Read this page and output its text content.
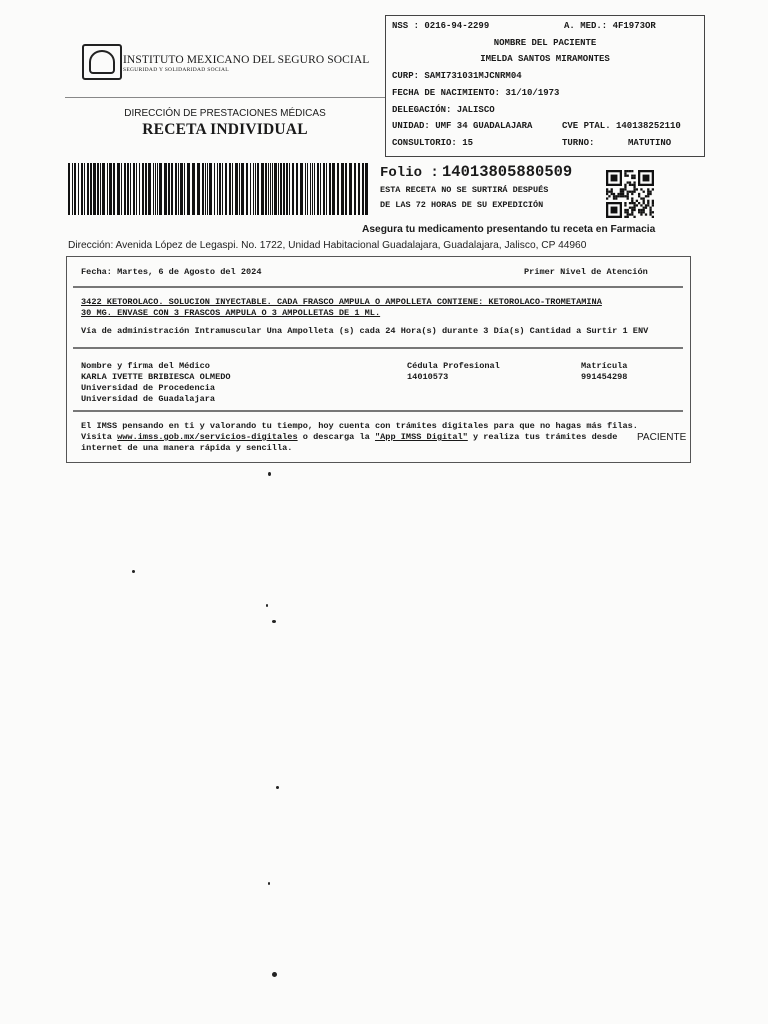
INSTITUTO MEXICANO DEL SEGURO SOCIAL
SEGURIDAD Y SOLIDARIDAD SOCIAL
DIRECCIÓN DE PRESTACIONES MÉDICAS
RECETA INDIVIDUAL
NSS : 0216-94-2299	A. MED.: 4F1973OR
NOMBRE DEL PACIENTE
IMELDA SANTOS MIRAMONTES
CURP: SAMI731031MJCNRM04
FECHA DE NACIMIENTO: 31/10/1973
DELEGACIÓN: JALISCO
UNIDAD: UMF 34 GUADALAJARA	CVE PTAL. 140138252110
CONSULTORIO: 15	TURNO:	MATUTINO
Folio : 14013805880509
ESTA RECETA NO SE SURTIRÁ DESPUÉS
DE LAS 72 HORAS DE SU EXPEDICIÓN
Asegura tu medicamento presentando tu receta en Farmacia
Dirección: Avenida López de Legaspi. No. 1722, Unidad Habitacional Guadalajara, Guadalajara, Jalisco, CP 44960
Fecha: Martes, 6 de Agosto del 2024	Primer Nivel de Atención
3422 KETOROLACO. SOLUCION INYECTABLE. CADA FRASCO AMPULA O AMPOLLETA CONTIENE: KETOROLACO-TROMETAMINA
30 MG. ENVASE CON 3 FRASCOS AMPULA O 3 AMPOLLETAS DE 1 ML.
Vía de administración Intramuscular Una Ampolleta (s) cada 24 Hora(s) durante 3 Día(s) Cantidad a Surtir 1 ENV
Nombre y firma del Médico
KARLA IVETTE BRIBIESCA OLMEDO
Universidad de Procedencia
Universidad de Guadalajara
Cédula Profesional
14010573
Matrícula
991454298
El IMSS pensando en ti y valorando tu tiempo, hoy cuenta con trámites digitales para que no hagas más filas.
Visita www.imss.gob.mx/servicios-digitales o descarga la "App IMSS Digital" y realiza tus trámites desde
internet de una manera rápida y sencilla.
PACIENTE
